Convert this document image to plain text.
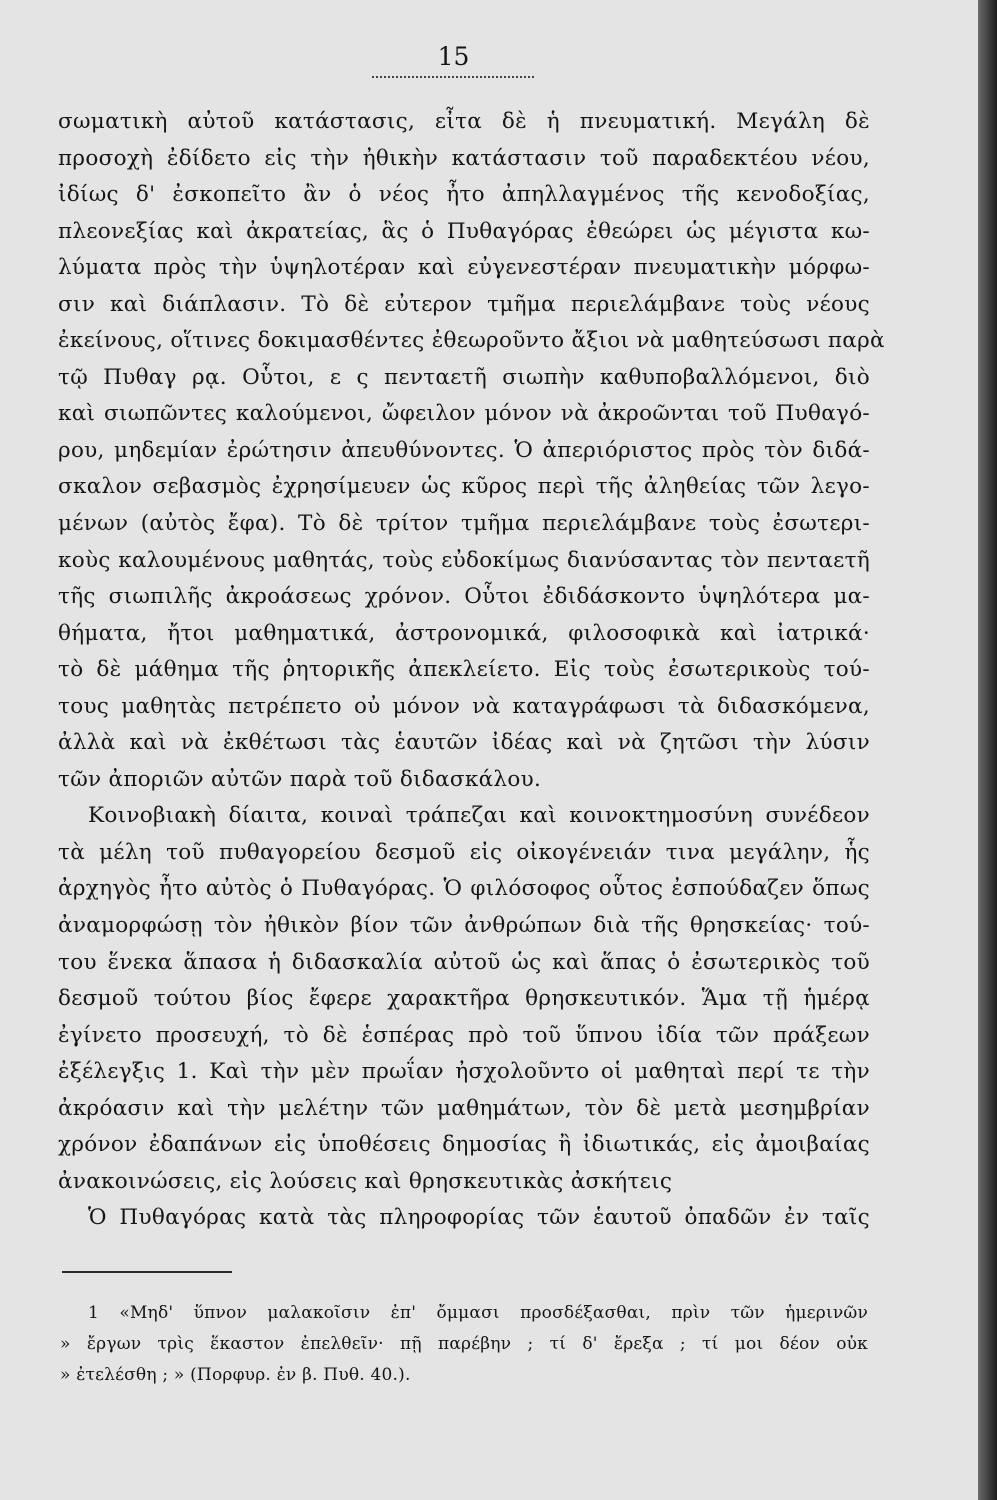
15
σωματικὴ αὐτοῦ κατάστασις, εἶτα δὲ ἡ πνευματική. Μεγάλη δὲ
προσοχὴ ἐδίδετο εἰς τὴν ἠθικὴν κατάστασιν τοῦ παραδεκτέου νέου,
ἰδίως δ' ἐσκοπεῖτο ἂν ὁ νέος ἦτο ἀπηλλαγμένος τῆς κενοδοξίας,
πλεονεξίας καὶ ἀκρατείας, ἃς ὁ Πυθαγόρας ἐθεώρει ὡς μέγιστα κω-
λύματα πρὸς τὴν ὑψηλοτέραν καὶ εὐγενεστέραν πνευματικὴν μόρφω-
σιν καὶ διάπλασιν. Τὸ δὲ εὐτερον τμῆμα περιελάμβανε τοὺς νέους
ἐκείνους, οἵτινες δοκιμασθέντες ἐθεωροῦντο ἄξιοι νὰ μαθητεύσωσι παρὰ
τῷ Πυθαγ ρᾳ. Οὗτοι, ε ς πενταετῆ σιωπὴν καθυποβαλλόμενοι, διὸ
καὶ σιωπῶντες καλούμενοι, ὤφειλον μόνον νὰ ἀκροῶνται τοῦ Πυθαγό-
ρου, μηδεμίαν ἐρώτησιν ἀπευθύνοντες. Ὁ ἀπεριόριστος πρὸς τὸν διδά-
σκαλον σεβασμὸς ἐχρησίμευεν ὡς κῦρος περὶ τῆς ἀληθείας τῶν λεγο-
μένων (αὐτὸς ἔφα). Τὸ δὲ τρίτον τμῆμα περιελάμβανε τοὺς ἐσωτερι-
κοὺς καλουμένους μαθητάς, τοὺς εὐδοκίμως διανύσαντας τὸν πενταετῆ
τῆς σιωπιλῆς ἀκροάσεως χρόνον. Οὗτοι ἐδιδάσκοντο ὑψηλότερα μα-
θήματα, ἤτοι μαθηματικά, ἀστρονομικά, φιλοσοφικὰ καὶ ἰατρικά·
τὸ δὲ μάθημα τῆς ῥητορικῆς ἀπεκλείετο. Εἰς τοὺς ἐσωτερικοὺς τού-
τους μαθητὰς πετρέπετο οὐ μόνον νὰ καταγράφωσι τὰ διδασκόμενα,
ἀλλὰ καὶ νὰ ἐκθέτωσι τὰς ἑαυτῶν ἰδέας καὶ νὰ ζητῶσι τὴν λύσιν
τῶν ἀποριῶν αὐτῶν παρὰ τοῦ διδασκάλου.
Κοινοβιακὴ δίαιτα, κοιναὶ τράπεζαι καὶ κοινοκτημοσύνη συνέδεον
τὰ μέλη τοῦ πυθαγορείου δεσμοῦ εἰς οἰκογένειάν τινα μεγάλην, ἧς
ἀρχηγὸς ἦτο αὐτὸς ὁ Πυθαγόρας. Ὁ φιλόσοφος οὗτος ἐσπούδαζεν ὅπως
ἀναμορφώσῃ τὸν ἠθικὸν βίον τῶν ἀνθρώπων διὰ τῆς θρησκείας· τού-
του ἕνεκα ἅπασα ἡ διδασκαλία αὐτοῦ ὡς καὶ ἅπας ὁ ἐσωτερικὸς τοῦ
δεσμοῦ τούτου βίος ἔφερε χαρακτῆρα θρησκευτικόν. Ἅμα τῇ ἡμέρᾳ
ἐγίνετο προσευχή, τὸ δὲ ἑσπέρας πρὸ τοῦ ὕπνου ἰδία τῶν πράξεων
ἐξέλεγξις 1. Καὶ τὴν μὲν πρωΐαν ἠσχολοῦντο οἱ μαθηταὶ περί τε τὴν
ἀκρόασιν καὶ τὴν μελέτην τῶν μαθημάτων, τὸν δὲ μετὰ μεσημβρίαν
χρόνον ἐδαπάνων εἰς ὑποθέσεις δημοσίας ἢ ἰδιωτικάς, εἰς ἀμοιβαίας
ἀνακοινώσεις, εἰς λούσεις καὶ θρησκευτικὰς ἀσκήτεις
Ὁ Πυθαγόρας κατὰ τὰς πληροφορίας τῶν ἑαυτοῦ ὀπαδῶν ἐν ταῖς
1 «Μηδ' ὕπνον μαλακοῖσιν ἐπ' ὄμμασι προσδέξασθαι, πρὶν τῶν ἡμερινῶν
» ἔργων τρὶς ἕκαστον ἐπελθεῖν· πῇ παρέβην ; τί δ' ἔρεξα ; τί μοι δέον οὐκ
» ἐτελέσθη ; » (Πορφυρ. ἐν β. Πυθ. 40.).
